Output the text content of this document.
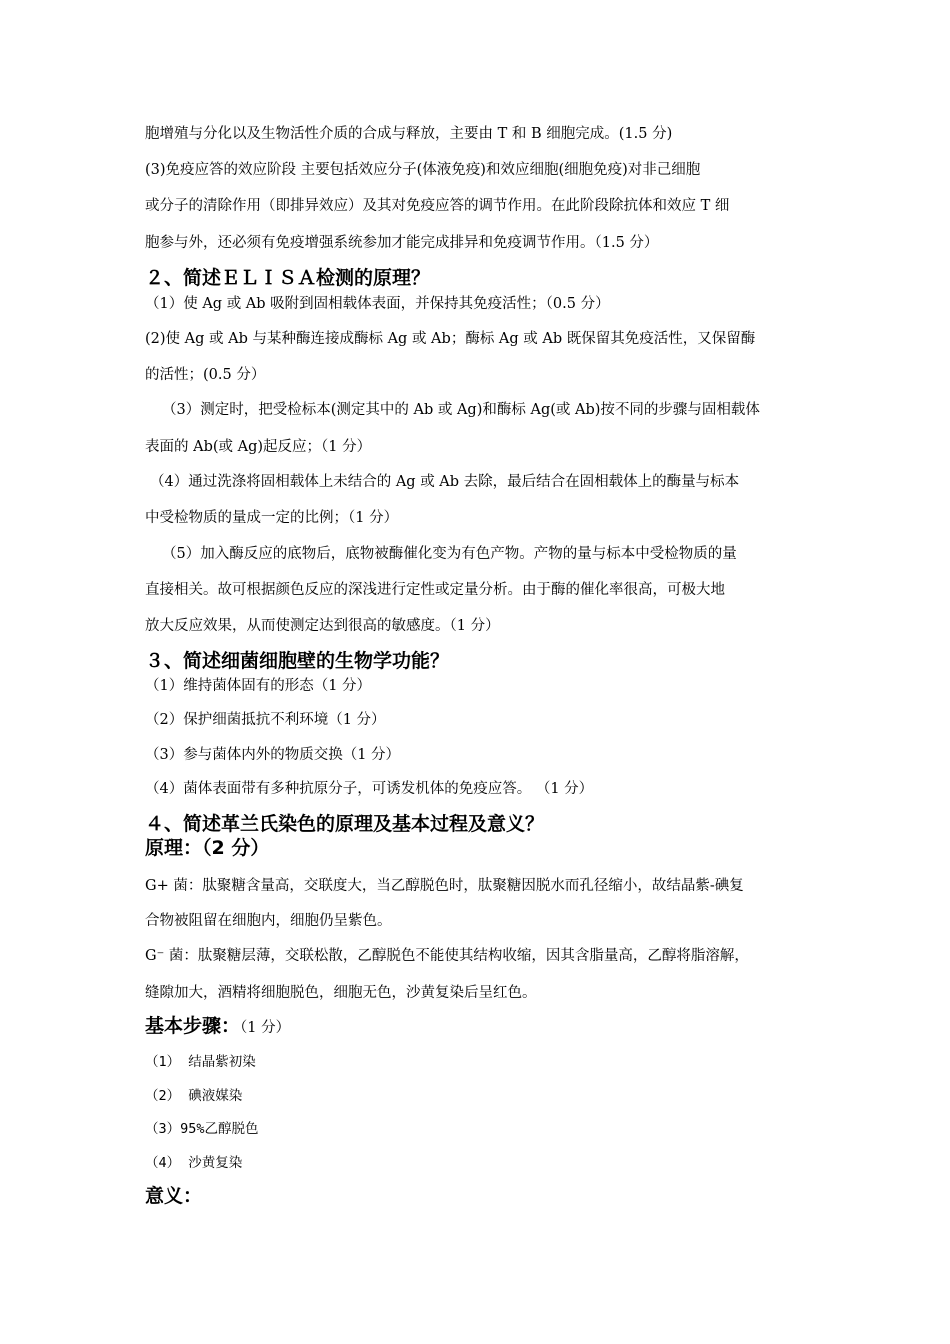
胞增殖与分化以及生物活性介质的合成与释放，主要由 T 和 B 细胞完成。(1.5 分)
(3)免疫应答的效应阶段 主要包括效应分子(体液免疫)和效应细胞(细胞免疫)对非己细胞
或分子的清除作用（即排异效应）及其对免疫应答的调节作用。在此阶段除抗体和效应 T 细
胞参与外，还必须有免疫增强系统参加才能完成排异和免疫调节作用。（1.5 分）
２、简述ＥＬＩＳＡ检测的原理？
（1）使 Ag 或 Ab 吸附到固相载体表面，并保持其免疫活性；（0.5 分）
(2)使 Ag 或 Ab 与某种酶连接成酶标 Ag 或 Ab；酶标 Ag 或 Ab 既保留其免疫活性，又保留酶
的活性；(0.5 分）
（3）测定时，把受检标本(测定其中的 Ab 或 Ag)和酶标 Ag(或 Ab)按不同的步骤与固相载体
表面的 Ab(或 Ag)起反应；（1 分）
（4）通过洗涤将固相载体上未结合的 Ag 或 Ab 去除，最后结合在固相载体上的酶量与标本
中受检物质的量成一定的比例；（1 分）
（5）加入酶反应的底物后，底物被酶催化变为有色产物。产物的量与标本中受检物质的量
直接相关。故可根据颜色反应的深浅进行定性或定量分析。由于酶的催化率很高，可极大地
放大反应效果，从而使测定达到很高的敏感度。（1 分）
３、简述细菌细胞壁的生物学功能？
（1）维持菌体固有的形态（1 分）
（2）保护细菌抵抗不利环境（1 分）
（3）参与菌体内外的物质交换（1 分）
（4）菌体表面带有多种抗原分子，可诱发机体的免疫应答。 （1 分）
４、简述革兰氏染色的原理及基本过程及意义？
原理：（2 分）
G+ 菌：肽聚糖含量高，交联度大，当乙醇脱色时，肽聚糖因脱水而孔径缩小，故结晶紫-碘复
合物被阻留在细胞内，细胞仍呈紫色。
G⁻ 菌：肽聚糖层薄，交联松散，乙醇脱色不能使其结构收缩，因其含脂量高，乙醇将脂溶解，
缝隙加大，酒精将细胞脱色，细胞无色，沙黄复染后呈红色。
基本步骤：（1 分）
（1） 结晶紫初染
（2） 碘液媒染
（3）95%乙醇脱色
（4） 沙黄复染
意义：
